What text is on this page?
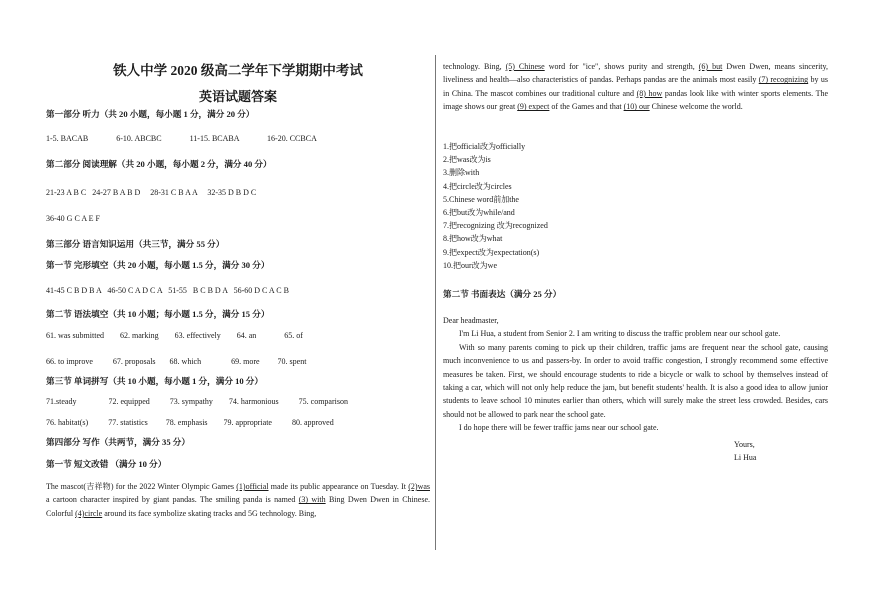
铁人中学 2020 级高二学年下学期期中考试
英语试题答案
第一部分 听力（共 20 小题，每小题 1 分，满分 20 分）
1-5. BACAB              6-10. ABCBC              11-15. BCABA              16-20. CCBCA
第二部分 阅读理解（共 20 小题，每小题 2 分，满分 40 分）
21-23 A B C   24-27 B A B D     28-31 C B A A     32-35 D B D C
36-40 G C A E F
第三部分 语言知识运用（共三节，满分 55 分）
第一节 完形填空（共 20 小题，每小题 1.5 分，满分 30 分）
41-45 C B D B A   46-50 C A D C A   51-55   B C B D A   56-60 D C A C B
第二节 语法填空（共 10 小题；每小题 1.5 分，满分 15 分）
61. was submitted        62. marking        63. effectively        64. an              65. of
66. to improve          67. proposals       68. which               69. more         70. spent
第三节 单词拼写（共 10 小题，每小题 1 分，满分 10 分）
71.steady                72. equipped          73. sympathy        74. harmonious          75. comparison
76. habitat(s)          77. statistics         78. emphasis        79. appropriate          80. approved
第四部分 写作（共两节，满分 35 分）
第一节 短文改错 （满分 10 分）
The mascot(吉祥物) for the 2022 Winter Olympic Games (1)official made its public appearance on Tuesday. It (2)was a cartoon character inspired by giant pandas. The smiling panda is named (3) with Bing Dwen Dwen in Chinese. Colorful (4)circle around its face symbolize skating tracks and 5G technology. Bing,
technology. Bing, (5) Chinese word for "ice", shows purity and strength, (6) but Dwen Dwen, means sincerity, liveliness and health—also characteristics of pandas. Perhaps pandas are the animals most easily (7) recognizing by us in China. The mascot combines our traditional culture and (8) how pandas look like with winter sports elements. The image shows our great (9) expect of the Games and that (10) our Chinese welcome the world.
1.把official改为officially
2.把was改为is
3.删除with
4.把circle改为circles
5.Chinese word前加the
6.把but改为while/and
7.把recognizing 改为recognized
8.把how改为what
9.把expect改为expectation(s)
10.把our改为we
第二节 书面表达（满分 25 分）
Dear headmaster,
I'm Li Hua, a student from Senior 2. I am writing to discuss the traffic problem near our school gate.
With so many parents coming to pick up their children, traffic jams are frequent near the school gate, causing much inconvenience to us and passers-by. In order to avoid traffic congestion, I strongly recommend some effective measures be taken. First, we should encourage students to ride a bicycle or walk to school by themselves instead of taking a car, which will not only help reduce the jam, but benefit students' health. It is also a good idea to allow junior students to leave school 10 minutes earlier than others, which will surely make the street less crowded. Besides, cars should not be allowed to park near the school gate.
I do hope there will be fewer traffic jams near our school gate.
Yours,
Li Hua
